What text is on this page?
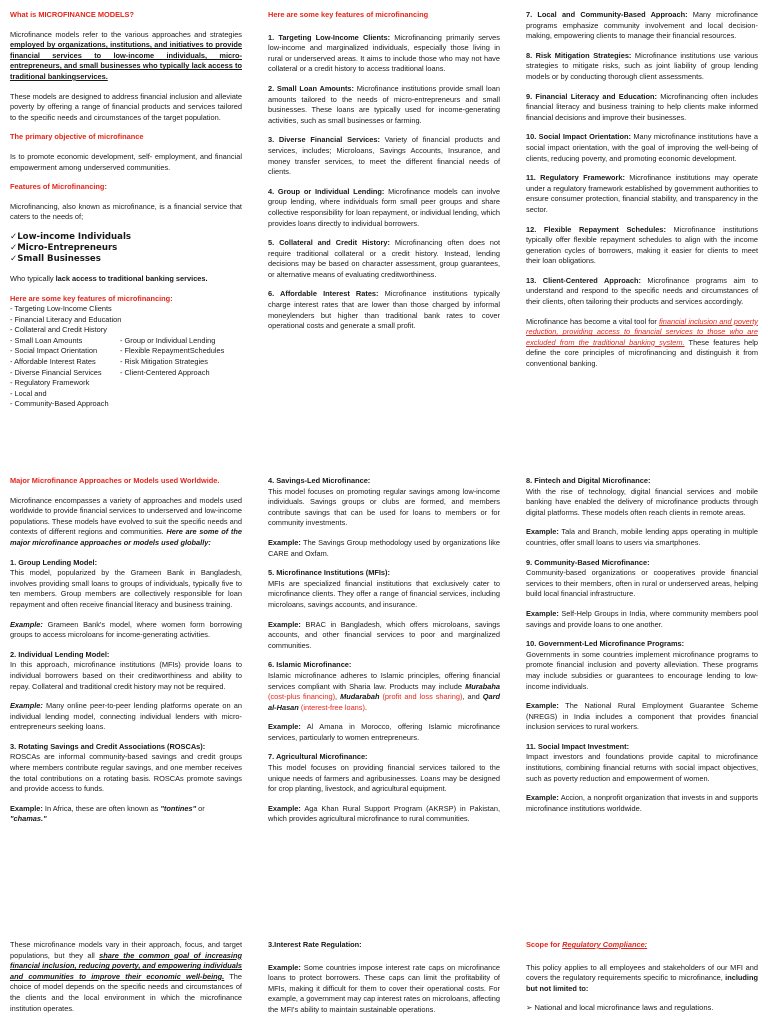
What is MICROFINANCE MODELS?

Microfinance models refer to the various approaches and strategies employed by organizations, institutions, and initiatives to provide financial services to low-income individuals, micro-entrepreneurs, and small businesses who typically lack access to traditional bankingservices.

These models are designed to address financial inclusion and alleviate poverty by offering a range of financial products and services tailored to the specific needs and circumstances of the target population.

The primary objective of microfinance

Is to promote economic development, self- employment, and financial empowerment among underserved communities.

Features of Microfinancing:

Microfinancing, also known as microfinance, is a financial service that caters to the needs of;

✓Low-income Individuals
✓Micro-Entrepreneurs
✓Small Businesses

Who typically lack access to traditional banking services.

Here are some key features of microfinancing:

- Targeting Low-Income Clients
- Financial Literacy and Education
- Collateral and Credit History
- Small Loan Amounts	- Group or Individual Lending
- Social Impact Orientation	- Flexible RepaymentSchedules
- Affordable Interest Rates	- Risk Mitigation Strategies
- Diverse Financial Services	- Client-Centered Approach
- Regulatory Framework
- Local and
- Community-Based Approach

Here are some key features of microfinancing

1. Targeting Low-Income Clients: Microfinancing primarily serves low-income and marginalized individuals, especially those living in rural or underserved areas. It aims to include those who may not have collateral or a credit history to access traditional loans.

2. Small Loan Amounts: Microfinance institutions provide small loan amounts tailored to the needs of micro-entrepreneurs and small businesses. These loans are typically used for income-generating activities, such as small businesses or farming.

3. Diverse Financial Services: Variety of financial products and services, includes; Microloans, Savings Accounts, Insurance, and money transfer services, to meet the different financial needs of clients.

4. Group or Individual Lending: Microfinance models can involve group lending, where individuals form small peer groups and share collective responsibility for loan repayment, or individual lending, which provides loans directly to individual borrowers.

5. Collateral and Credit History: Microfinancing often does not require traditional collateral or a credit history. Instead, lending decisions may be based on character assessment, group guarantees, or alternative means of evaluating creditworthiness.

6. Affordable Interest Rates: Microfinance institutions typically charge interest rates that are lower than those charged by informal moneylenders but higher than traditional bank rates to cover operational costs and generate a small profit.

7. Local and Community-Based Approach: Many microfinance programs emphasize community involvement and local decision-making, empowering clients to manage their financial resources.

8. Risk Mitigation Strategies: Microfinance institutions use various strategies to mitigate risks, such as joint liability of group lending models or by conducting thorough client assessments.

9. Financial Literacy and Education: Microfinancing often includes financial literacy and business training to help clients make informed financial decisions and improve their businesses.

10. Social Impact Orientation: Many microfinance institutions have a social impact orientation, with the goal of improving the well-being of clients, reducing poverty, and promoting economic development.

11. Regulatory Framework: Microfinance institutions may operate under a regulatory framework established by government authorities to ensure consumer protection, financial stability, and transparency in the sector.

12. Flexible Repayment Schedules: Microfinance institutions typically offer flexible repayment schedules to align with the income generation cycles of borrowers, making it easier for clients to meet their loan obligations.

13. Client-Centered Approach: Microfinance programs aim to understand and respond to the specific needs and circumstances of their clients, often tailoring their products and services accordingly.

Microfinance has become a vital tool for financial inclusion and poverty reduction, providing access to financial services to those who are excluded from the traditional banking system. These features help define the core principles of microfinancing and distinguish it from conventional banking.

Major Microfinance Approaches or Models used Worldwide.

Microfinance encompasses a variety of approaches and models used worldwide to provide financial services to underserved and low-income populations. These models have evolved to suit the specific needs and contexts of different regions and communities. Here are some of the major microfinance approaches or models used globally:

1. Group Lending Model:
This model, popularized by the Grameen Bank in Bangladesh, involves providing small loans to groups of individuals, typically five to ten members. Group members are collectively responsible for loan repayment and often receive financial literacy and business training.

Example: Grameen Bank's model, where women form borrowing groups to access microloans for income-generating activities.

2. Individual Lending Model:
In this approach, microfinance institutions (MFIs) provide loans to individual borrowers based on their creditworthiness and ability to repay. Collateral and traditional credit history may not be required.

Example: Many online peer-to-peer lending platforms operate on an individual lending model, connecting individual lenders with micro-entrepreneurs seeking loans.

3. Rotating Savings and Credit Associations (ROSCAs):
ROSCAs are informal community-based savings and credit groups where members contribute regular savings, and one member receives the total contributions on a rotating basis. ROSCAs promote savings and provide access to funds.

Example: In Africa, these are often known as "tontines" or
"chamas."

4. Savings-Led Microfinance:
This model focuses on promoting regular savings among low-income individuals. Savings groups or clubs are formed, and members contribute savings that can be used for loans to members or for community investments.

Example: The Savings Group methodology used by organizations like CARE and Oxfam.

5. Microfinance Institutions (MFIs):
MFIs are specialized financial institutions that exclusively cater to microfinance clients. They offer a range of financial services, including microloans, savings accounts, and insurance.

Example: BRAC in Bangladesh, which offers microloans, savings accounts, and other financial services to poor and marginalized communities.

6. Islamic Microfinance:
Islamic microfinance adheres to Islamic principles, offering financial services compliant with Sharia law. Products may include Murabaha (cost-plus financing), Mudarabah (profit and loss sharing), and Qard al-Hasan (interest-free loans).

Example: Al Amana in Morocco, offering Islamic microfinance services, particularly to women entrepreneurs.

7. Agricultural Microfinance:
This model focuses on providing financial services tailored to the unique needs of farmers and agribusinesses. Loans may be designed for crop planting, livestock, and agricultural equipment.

Example: Aga Khan Rural Support Program (AKRSP) in Pakistan, which provides agricultural microfinance to rural communities.

8. Fintech and Digital Microfinance:
With the rise of technology, digital financial services and mobile banking have enabled the delivery of microfinance products through digital platforms. These models often reach clients in remote areas.

Example: Tala and Branch, mobile lending apps operating in multiple countries, offer small loans to users via smartphones.

9. Community-Based Microfinance:
Community-based organizations or cooperatives provide financial services to their members, often in rural or underserved areas, helping build local financial infrastructure.

Example: Self-Help Groups in India, where community members pool savings and provide loans to one another.

10. Government-Led Microfinance Programs:
Governments in some countries implement microfinance programs to promote financial inclusion and poverty alleviation. These programs may include subsidies or guarantees to encourage lending to low-income individuals.

Example: The National Rural Employment Guarantee Scheme (NREGS) in India includes a component that provides financial inclusion services to rural workers.

11. Social Impact Investment:
Impact investors and foundations provide capital to microfinance institutions, combining financial returns with social impact objectives, such as poverty reduction and empowerment of women.

Example: Accion, a nonprofit organization that invests in and supports microfinance institutions worldwide.

These microfinance models vary in their approach, focus, and target populations, but they all share the common goal of increasing financial inclusion, reducing poverty, and empowering individuals and communities to improve their economic well-being. The choice of model depends on the specific needs and circumstances of the clients and the local environment in which the microfinance institution operates.

3.Interest Rate Regulation:

Example: Some countries impose interest rate caps on microfinance loans to protect borrowers. These caps can limit the profitability of MFIs, making it difficult for them to cover their operational costs. For example, a government may cap interest rates on microloans, affecting the MFI's ability to maintain sustainable operations.

Scope for Regulatory Compliance:

This policy applies to all employees and stakeholders of our MFI and covers the regulatory requirements specific to microfinance, including but not limited to:

➢ National and local microfinance laws and regulations.
